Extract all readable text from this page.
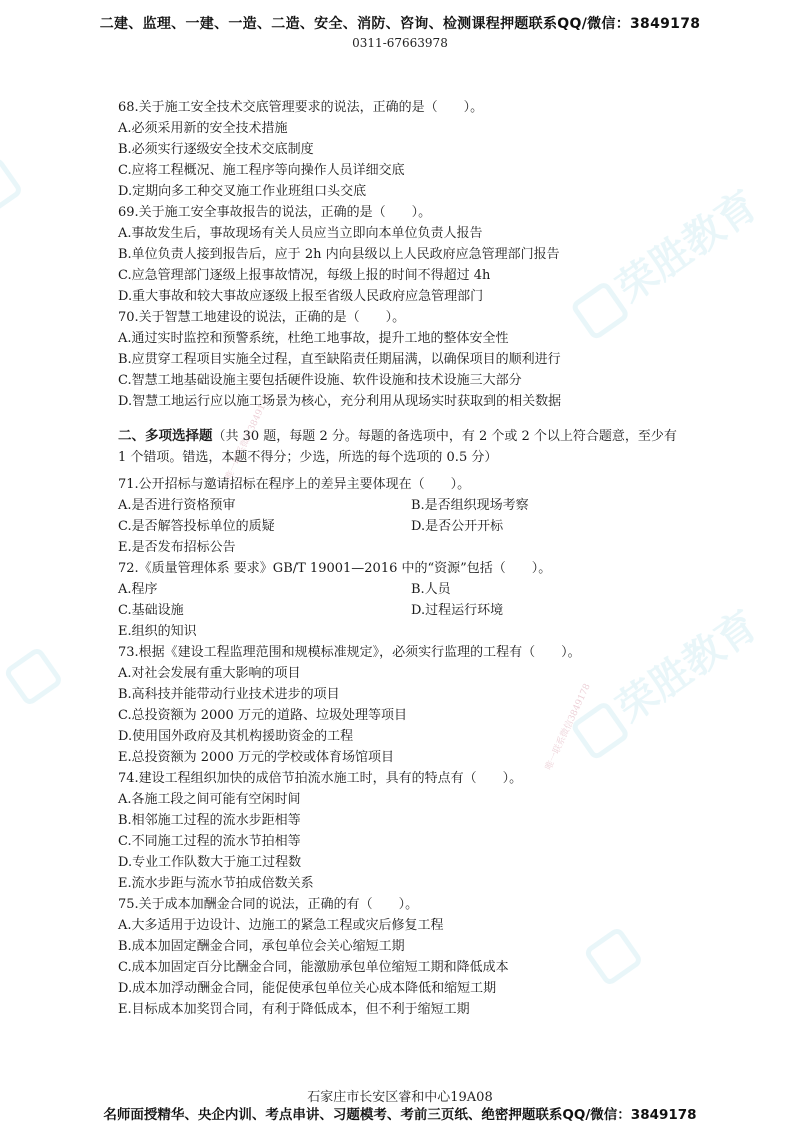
荣胜教育
荣胜教育
唯一联系微信3849178
唯一联系微信3849178
二建、监理、一建、一造、二造、安全、消防、咨询、检测课程押题联系QQ/微信：3849178
0311-67663978
68.关于施工安全技术交底管理要求的说法，正确的是（　　）。
A.必须采用新的安全技术措施
B.必须实行逐级安全技术交底制度
C.应将工程概况、施工程序等向操作人员详细交底
D.定期向多工种交叉施工作业班组口头交底
69.关于施工安全事故报告的说法，正确的是（　　）。
A.事故发生后，事故现场有关人员应当立即向本单位负责人报告
B.单位负责人接到报告后，应于 2h 内向县级以上人民政府应急管理部门报告
C.应急管理部门逐级上报事故情况，每级上报的时间不得超过 4h
D.重大事故和较大事故应逐级上报至省级人民政府应急管理部门
70.关于智慧工地建设的说法，正确的是（　　）。
A.通过实时监控和预警系统，杜绝工地事故，提升工地的整体安全性
B.应贯穿工程项目实施全过程，直至缺陷责任期届满，以确保项目的顺利进行
C.智慧工地基础设施主要包括硬件设施、软件设施和技术设施三大部分
D.智慧工地运行应以施工场景为核心，充分利用从现场实时获取到的相关数据
二、多项选择题（共 30 题，每题 2 分。每题的备选项中，有 2 个或 2 个以上符合题意，至少有 1 个错项。错选，本题不得分；少选，所选的每个选项的 0.5 分）
71.公开招标与邀请招标在程序上的差异主要体现在（　　）。
A.是否进行资格预审	B.是否组织现场考察
C.是否解答投标单位的质疑	D.是否公开开标
E.是否发布招标公告
72.《质量管理体系 要求》GB/T 19001—2016 中的“资源”包括（　　）。
A.程序	B.人员
C.基础设施	D.过程运行环境
E.组织的知识
73.根据《建设工程监理范围和规模标准规定》，必须实行监理的工程有（　　）。
A.对社会发展有重大影响的项目
B.高科技并能带动行业技术进步的项目
C.总投资额为 2000 万元的道路、垃圾处理等项目
D.使用国外政府及其机构援助资金的工程
E.总投资额为 2000 万元的学校或体育场馆项目
74.建设工程组织加快的成倍节拍流水施工时，具有的特点有（　　）。
A.各施工段之间可能有空闲时间
B.相邻施工过程的流水步距相等
C.不同施工过程的流水节拍相等
D.专业工作队数大于施工过程数
E.流水步距与流水节拍成倍数关系
75.关于成本加酬金合同的说法，正确的有（　　）。
A.大多适用于边设计、边施工的紧急工程或灾后修复工程
B.成本加固定酬金合同，承包单位会关心缩短工期
C.成本加固定百分比酬金合同，能激励承包单位缩短工期和降低成本
D.成本加浮动酬金合同，能促使承包单位关心成本降低和缩短工期
E.目标成本加奖罚合同，有利于降低成本，但不利于缩短工期
石家庄市长安区睿和中心19A08
名师面授精华、央企内训、考点串讲、习题模考、考前三页纸、绝密押题联系QQ/微信：3849178
